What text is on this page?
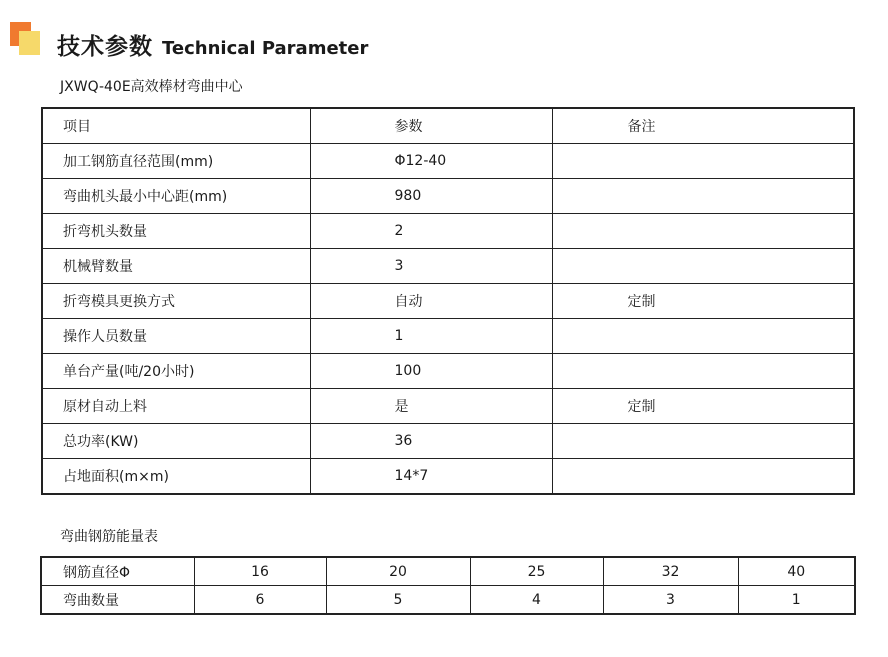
技术参数 Technical Parameter
JXWQ-40E高效棒材弯曲中心
项目	参数	备注
加工钢筋直径范围(mm)	Φ12-40	
弯曲机头最小中心距(mm)	980	
折弯机头数量	2	
机械臂数量	3	
折弯模具更换方式	自动	定制
操作人员数量	1	
单台产量(吨/20小时)	100	
原材自动上料	是	定制
总功率(KW)	36	
占地面积(m×m)	14*7	
弯曲钢筋能量表
钢筋直径Φ	16	20	25	32	40
弯曲数量	6	5	4	3	1
